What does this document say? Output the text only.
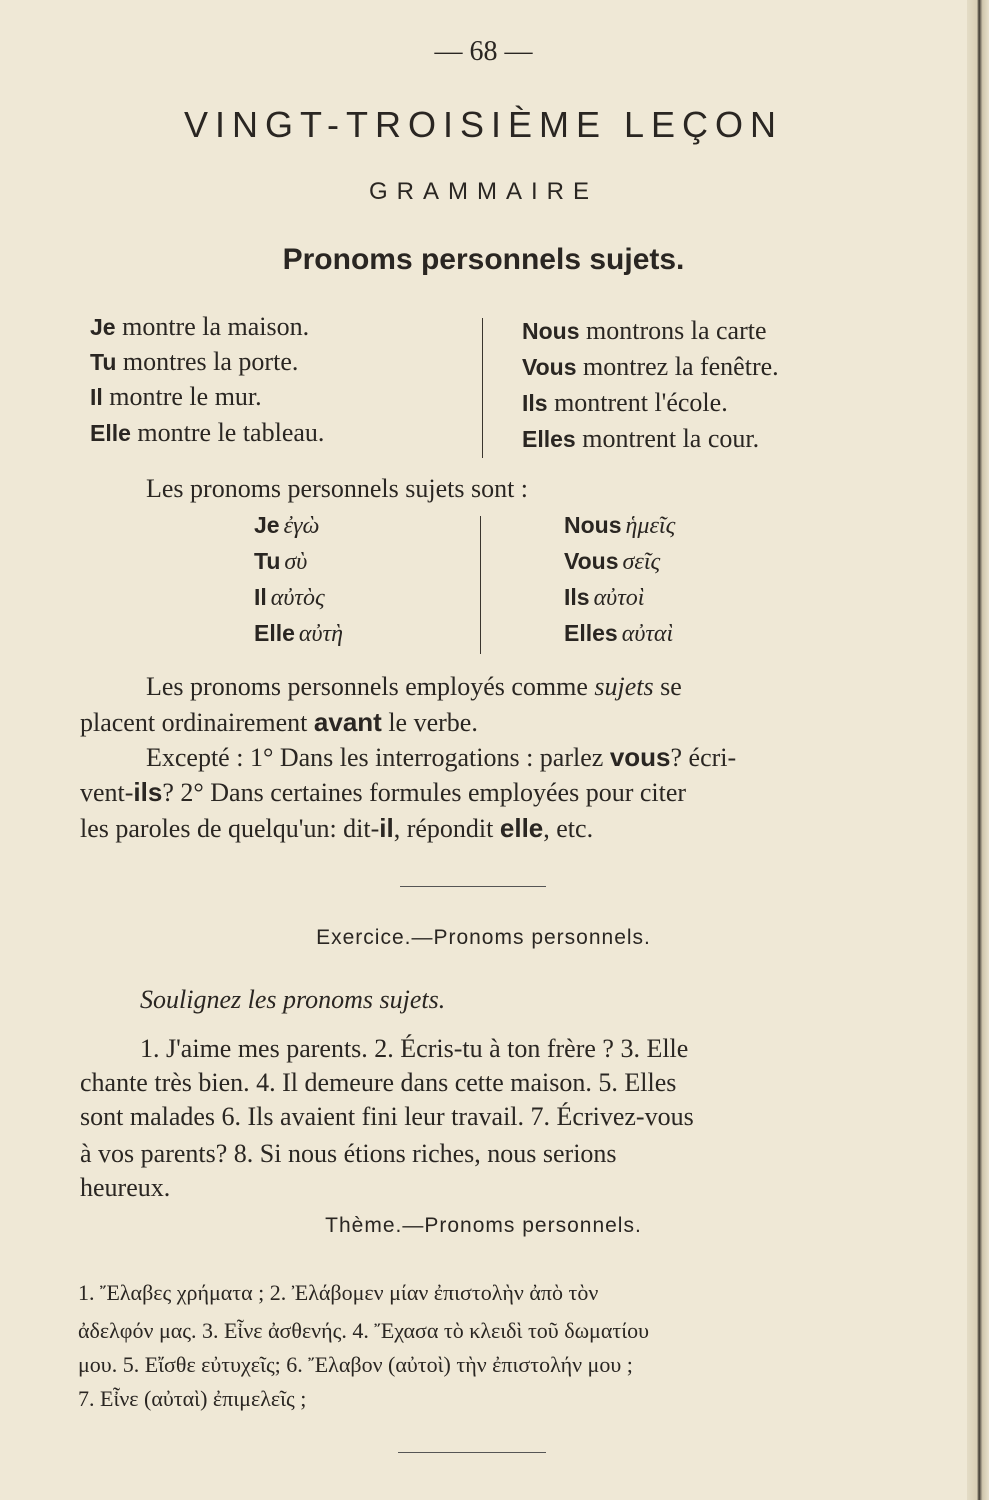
— 68 —
VINGT-TROISIÈME LEÇON
GRAMMAIRE
Pronoms personnels sujets.
Je montre la maison.
Tu montres la porte.
Il montre le mur.
Elle montre le tableau.
Nous montrons la carte
Vous montrez la fenêtre.
Ils montrent l'école.
Elles montrent la cour.
Les pronoms personnels sujets sont :
Je ἐγὼ
Tu σὺ
Il αὐτὸς
Elle αὐτὴ
Nous ἡμεῖς
Vous σεῖς
Ils αὐτοὶ
Elles αὐταὶ
Les pronoms personnels employés comme sujets se
placent ordinairement avant le verbe.
Excepté : 1° Dans les interrogations : parlez vous? écri-
vent-ils? 2° Dans certaines formules employées pour citer
les paroles de quelqu'un: dit-il, répondit elle, etc.
Exercice.—Pronoms personnels.
Soulignez les pronoms sujets.
1. J'aime mes parents. 2. Écris-tu à ton frère ? 3. Elle
chante très bien. 4. Il demeure dans cette maison. 5. Elles
sont malades 6. Ils avaient fini leur travail. 7. Écrivez-vous
à vos parents? 8. Si nous étions riches, nous serions
heureux.
Thème.—Pronoms personnels.
1. Ἔλαβες χρήματα ; 2. Ἐλάβομεν μίαν ἐπιστολὴν ἀπὸ τὸν
ἀδελφόν μας. 3. Εἶνε ἀσθενής. 4. Ἔχασα τὸ κλειδὶ τοῦ δωματίου
μου. 5. Εἴσθε εὐτυχεῖς; 6. Ἔλαβον (αὐτοὶ) τὴν ἐπιστολήν μου ;
7. Εἶνε (αὐταὶ) ἐπιμελεῖς ;
